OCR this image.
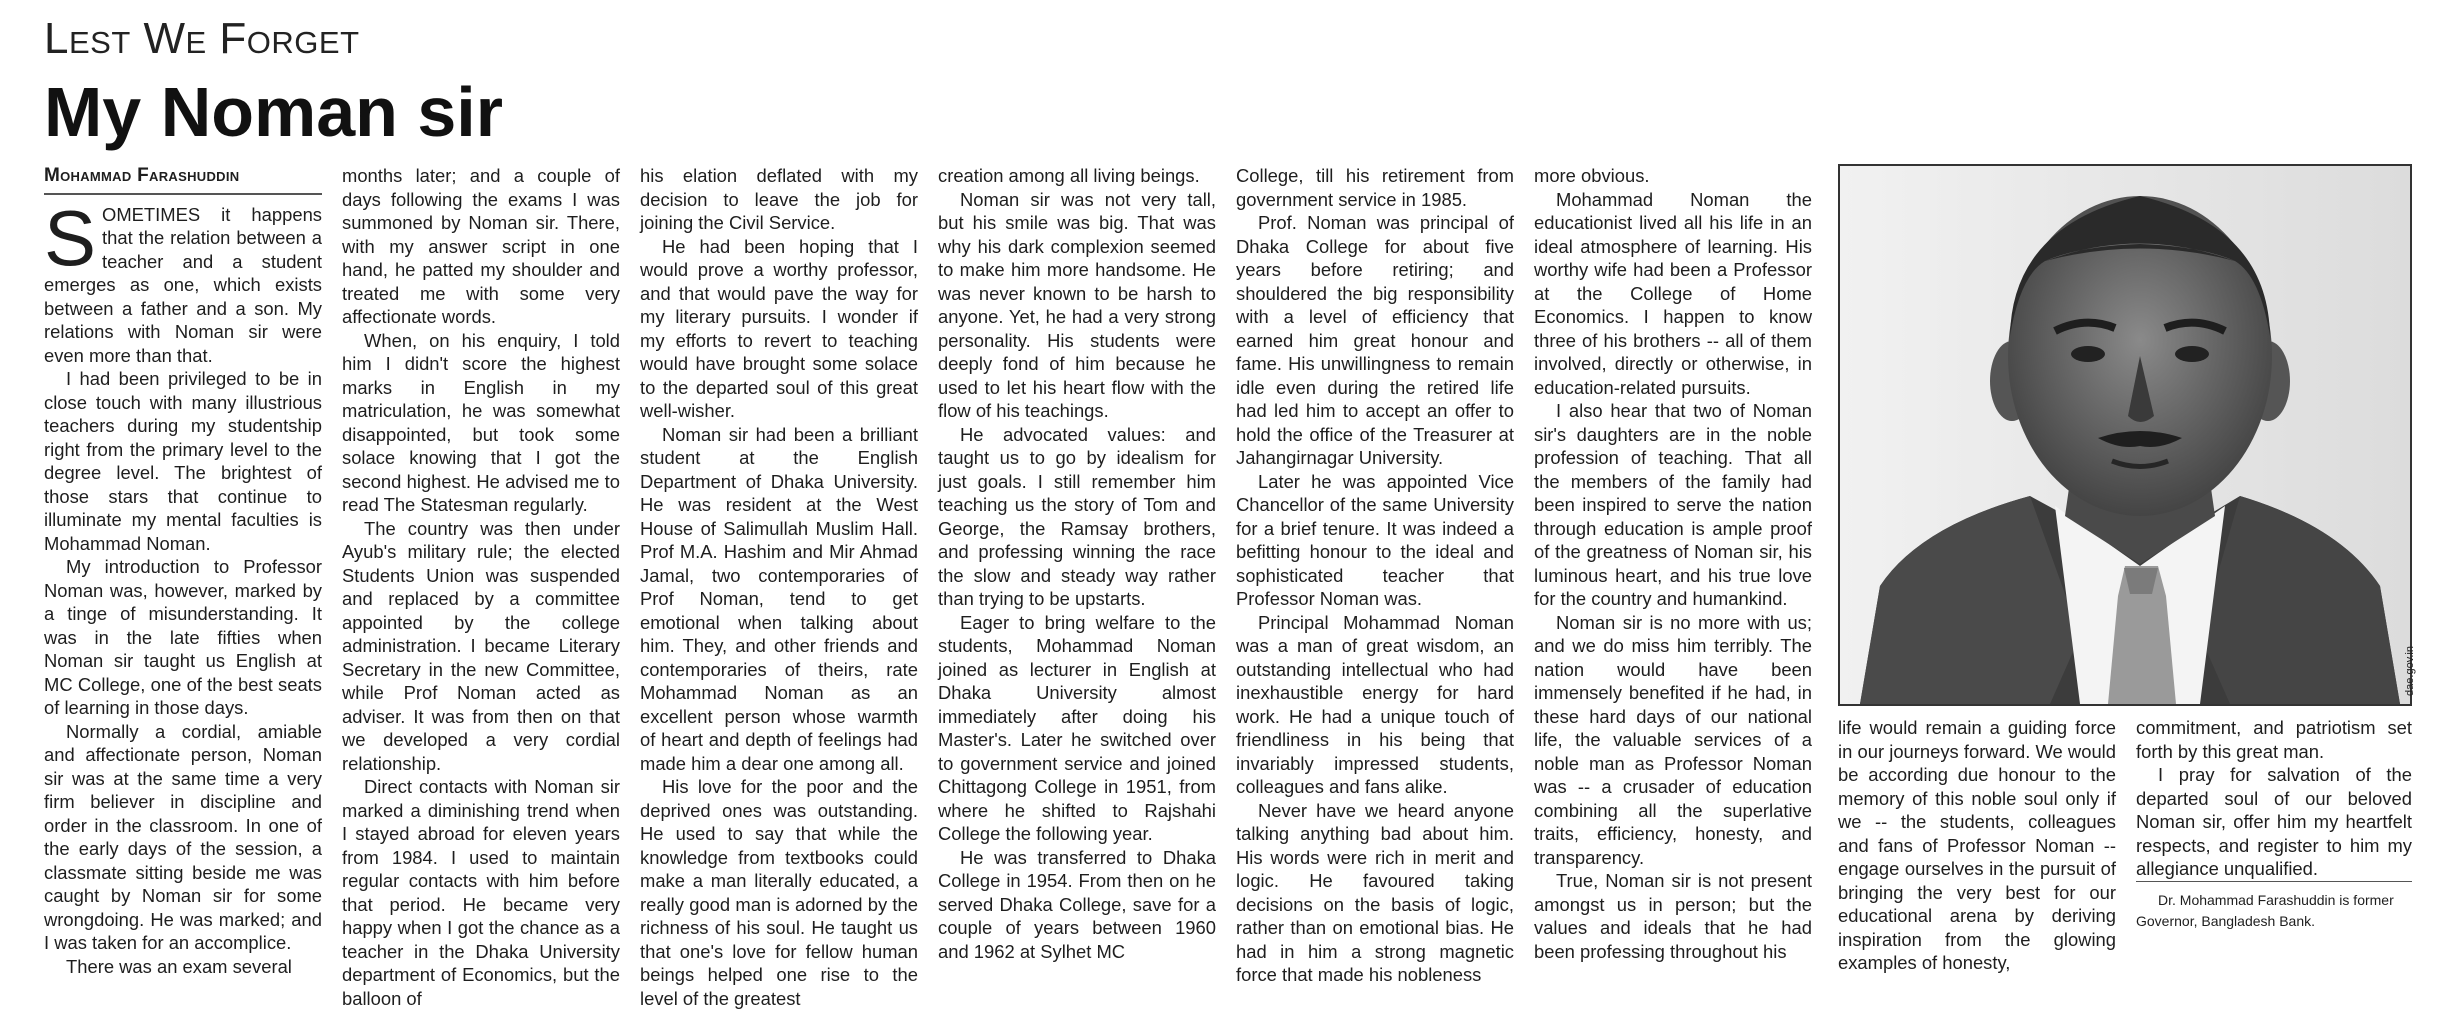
Lest We Forget
My Noman sir
Mohammad Farashuddin
S OMETIMES it happens that the relation between a teacher and a student emerges as one, which exists between a father and a son. My relations with Noman sir were even more than that.

I had been privileged to be in close touch with many illustrious teachers during my studentship right from the primary level to the degree level. The brightest of those stars that continue to illuminate my mental faculties is Mohammad Noman.

My introduction to Professor Noman was, however, marked by a tinge of misunderstanding. It was in the late fifties when Noman sir taught us English at MC College, one of the best seats of learning in those days.

Normally a cordial, amiable and affectionate person, Noman sir was at the same time a very firm believer in discipline and order in the classroom. In one of the early days of the session, a classmate sitting beside me was caught by Noman sir for some wrongdoing. He was marked; and I was taken for an accomplice.

There was an exam several

months later; and a couple of days following the exams I was summoned by Noman sir. There, with my answer script in one hand, he patted my shoulder and treated me with some very affectionate words.

When, on his enquiry, I told him I didn't score the highest marks in English in my matriculation, he was somewhat disappointed, but took some solace knowing that I got the second highest. He advised me to read The Statesman regularly.

The country was then under Ayub's military rule; the elected Students Union was suspended and replaced by a committee appointed by the college administration. I became Literary Secretary in the new Committee, while Prof Noman acted as adviser. It was from then on that we developed a very cordial relationship.

Direct contacts with Noman sir marked a diminishing trend when I stayed abroad for eleven years from 1984. I used to maintain regular contacts with him before that period. He became very happy when I got the chance as a teacher in the Dhaka University department of Economics, but the balloon of

his elation deflated with my decision to leave the job for joining the Civil Service.

He had been hoping that I would prove a worthy professor, and that would pave the way for my literary pursuits. I wonder if my efforts to revert to teaching would have brought some solace to the departed soul of this great well-wisher.

Noman sir had been a brilliant student at the English Department of Dhaka University. He was resident at the West House of Salimullah Muslim Hall. Prof M.A. Hashim and Mir Ahmad Jamal, two contemporaries of Prof Noman, tend to get emotional when talking about him. They, and other friends and contemporaries of theirs, rate Mohammad Noman as an excellent person whose warmth of heart and depth of feelings had made him a dear one among all.

His love for the poor and the deprived ones was outstanding. He used to say that while the knowledge from textbooks could make a man literally educated, a really good man is adorned by the richness of his soul. He taught us that one's love for fellow human beings helped one rise to the level of the greatest

creation among all living beings.

Noman sir was not very tall, but his smile was big. That was why his dark complexion seemed to make him more handsome. He was never known to be harsh to anyone. Yet, he had a very strong personality. His students were deeply fond of him because he used to let his heart flow with the flow of his teachings.

He advocated values: and taught us to go by idealism for just goals. I still remember him teaching us the story of Tom and George, the Ramsay brothers, and professing winning the race the slow and steady way rather than trying to be upstarts.

Eager to bring welfare to the students, Mohammad Noman joined as lecturer in English at Dhaka University almost immediately after doing his Master's. Later he switched over to government service and joined Chittagong College in 1951, from where he shifted to Rajshahi College the following year.

He was transferred to Dhaka College in 1954. From then on he served Dhaka College, save for a couple of years between 1960 and 1962 at Sylhet MC

College, till his retirement from government service in 1985.

Prof. Noman was principal of Dhaka College for about five years before retiring; and shouldered the big responsibility with a level of efficiency that earned him great honour and fame. His unwillingness to remain idle even during the retired life had led him to accept an offer to hold the office of the Treasurer at Jahangirnagar University.

Later he was appointed Vice Chancellor of the same University for a brief tenure. It was indeed a befitting honour to the ideal and sophisticated teacher that Professor Noman was.

Principal Mohammad Noman was a man of great wisdom, an outstanding intellectual who had inexhaustible energy for hard work. He had a unique touch of friendliness in his being that invariably impressed students, colleagues and fans alike.

Never have we heard anyone talking anything bad about him. His words were rich in merit and logic. He favoured taking decisions on the basis of logic, rather than on emotional bias. He had in him a strong magnetic force that made his nobleness

more obvious.

Mohammad Noman the educationist lived all his life in an ideal atmosphere of learning. His worthy wife had been a Professor at the College of Home Economics. I happen to know three of his brothers -- all of them involved, directly or otherwise, in education-related pursuits.

I also hear that two of Noman sir's daughters are in the noble profession of teaching. That all the members of the family had been inspired to serve the nation through education is ample proof of the greatness of Noman sir, his luminous heart, and his true love for the country and humankind.

Noman sir is no more with us; and we do miss him terribly. The nation would have been immensely benefited if he had, in these hard days of our national life, the valuable services of a noble man as Professor Noman was -- a crusader of education combining all the superlative traits, efficiency, honesty, and transparency.

True, Noman sir is not present amongst us in person; but the values and ideals that he had been professing throughout his

dae.gov.in

life would remain a guiding force in our journeys forward. We would be according due honour to the memory of this noble soul only if we -- the students, colleagues and fans of Professor Noman -- engage ourselves in the pursuit of bringing the very best for our educational arena by deriving inspiration from the glowing examples of honesty,

commitment, and patriotism set forth by this great man.

I pray for salvation of the departed soul of our beloved Noman sir, offer him my heartfelt respects, and register to him my allegiance unqualified.

Dr. Mohammad Farashuddin is former Governor, Bangladesh Bank.
